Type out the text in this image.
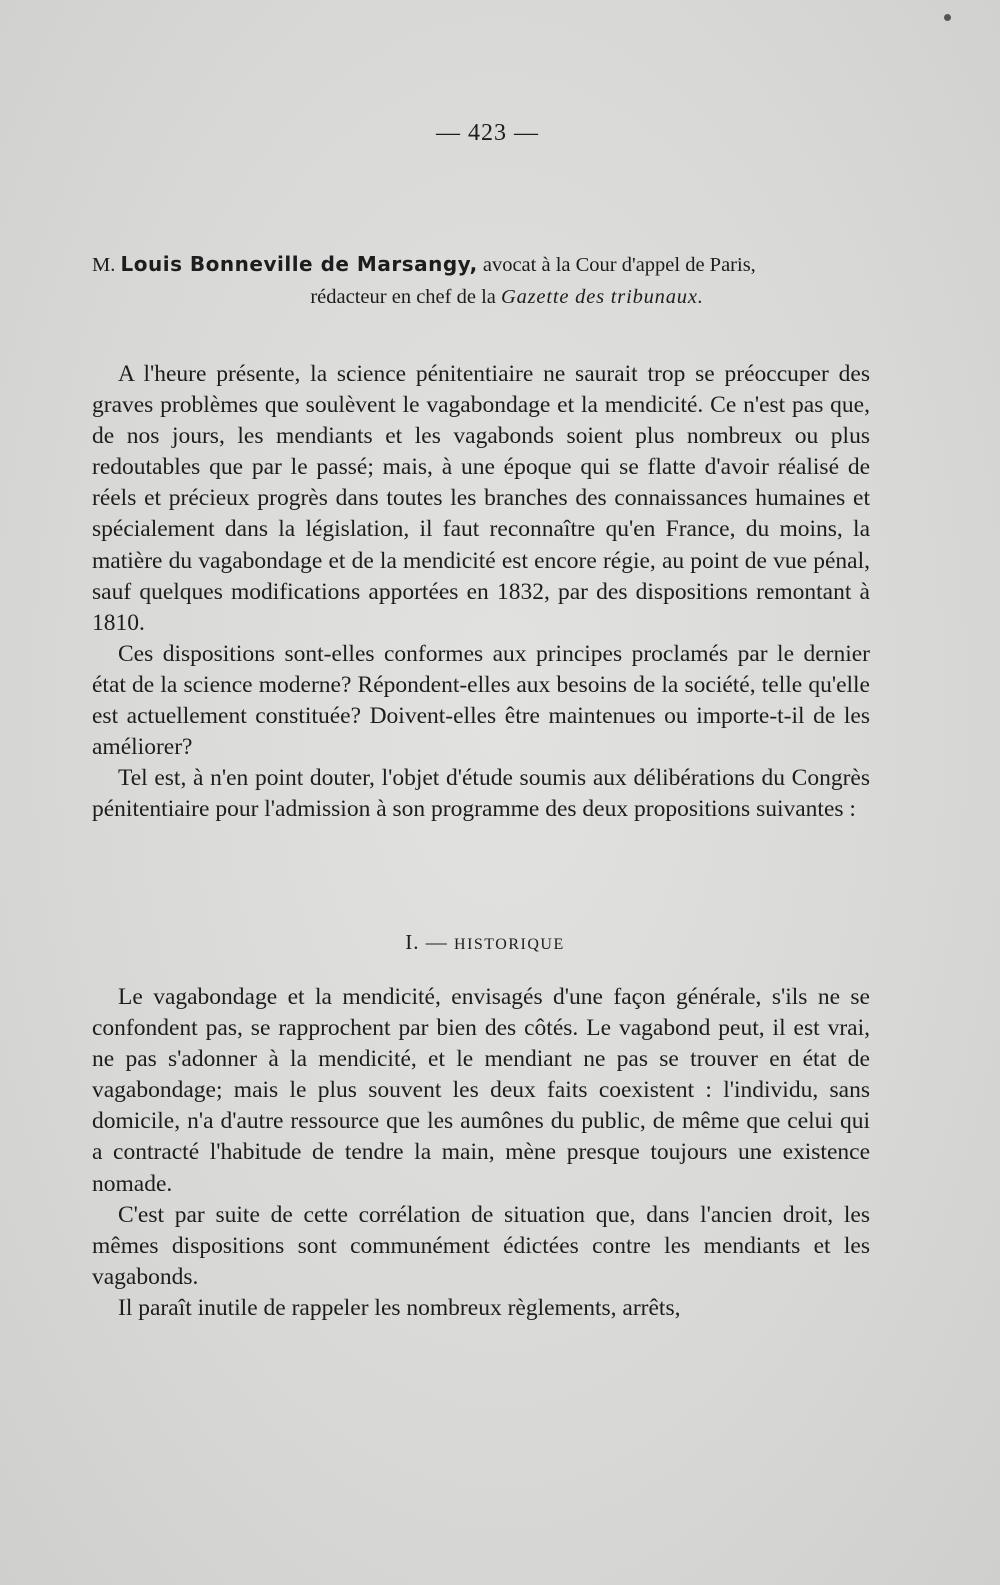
— 423 —
M. Louis Bonneville de Marsangy, avocat à la Cour d'appel de Paris,
rédacteur en chef de la Gazette des tribunaux.

A l'heure présente, la science pénitentiaire ne saurait trop se préoccuper des graves problèmes que soulèvent le vagabondage et la mendicité. Ce n'est pas que, de nos jours, les mendiants et les vagabonds soient plus nombreux ou plus redoutables que par le passé; mais, à une époque qui se flatte d'avoir réalisé de réels et précieux progrès dans toutes les branches des connaissances humaines et spécialement dans la législation, il faut reconnaître qu'en France, du moins, la matière du vagabondage et de la mendicité est encore régie, au point de vue pénal, sauf quelques modifications apportées en 1832, par des dispositions remontant à 1810.

Ces dispositions sont-elles conformes aux principes proclamés par le dernier état de la science moderne? Répondent-elles aux besoins de la société, telle qu'elle est actuellement constituée? Doivent-elles être maintenues ou importe-t-il de les améliorer?

Tel est, à n'en point douter, l'objet d'étude soumis aux délibérations du Congrès pénitentiaire pour l'admission à son programme des deux propositions suivantes :

I. — HISTORIQUE

Le vagabondage et la mendicité, envisagés d'une façon générale, s'ils ne se confondent pas, se rapprochent par bien des côtés. Le vagabond peut, il est vrai, ne pas s'adonner à la mendicité, et le mendiant ne pas se trouver en état de vagabondage; mais le plus souvent les deux faits coexistent : l'individu, sans domicile, n'a d'autre ressource que les aumônes du public, de même que celui qui a contracté l'habitude de tendre la main, mène presque toujours une existence nomade.

C'est par suite de cette corrélation de situation que, dans l'ancien droit, les mêmes dispositions sont communément édictées contre les mendiants et les vagabonds.

Il paraît inutile de rappeler les nombreux règlements, arrêts,
